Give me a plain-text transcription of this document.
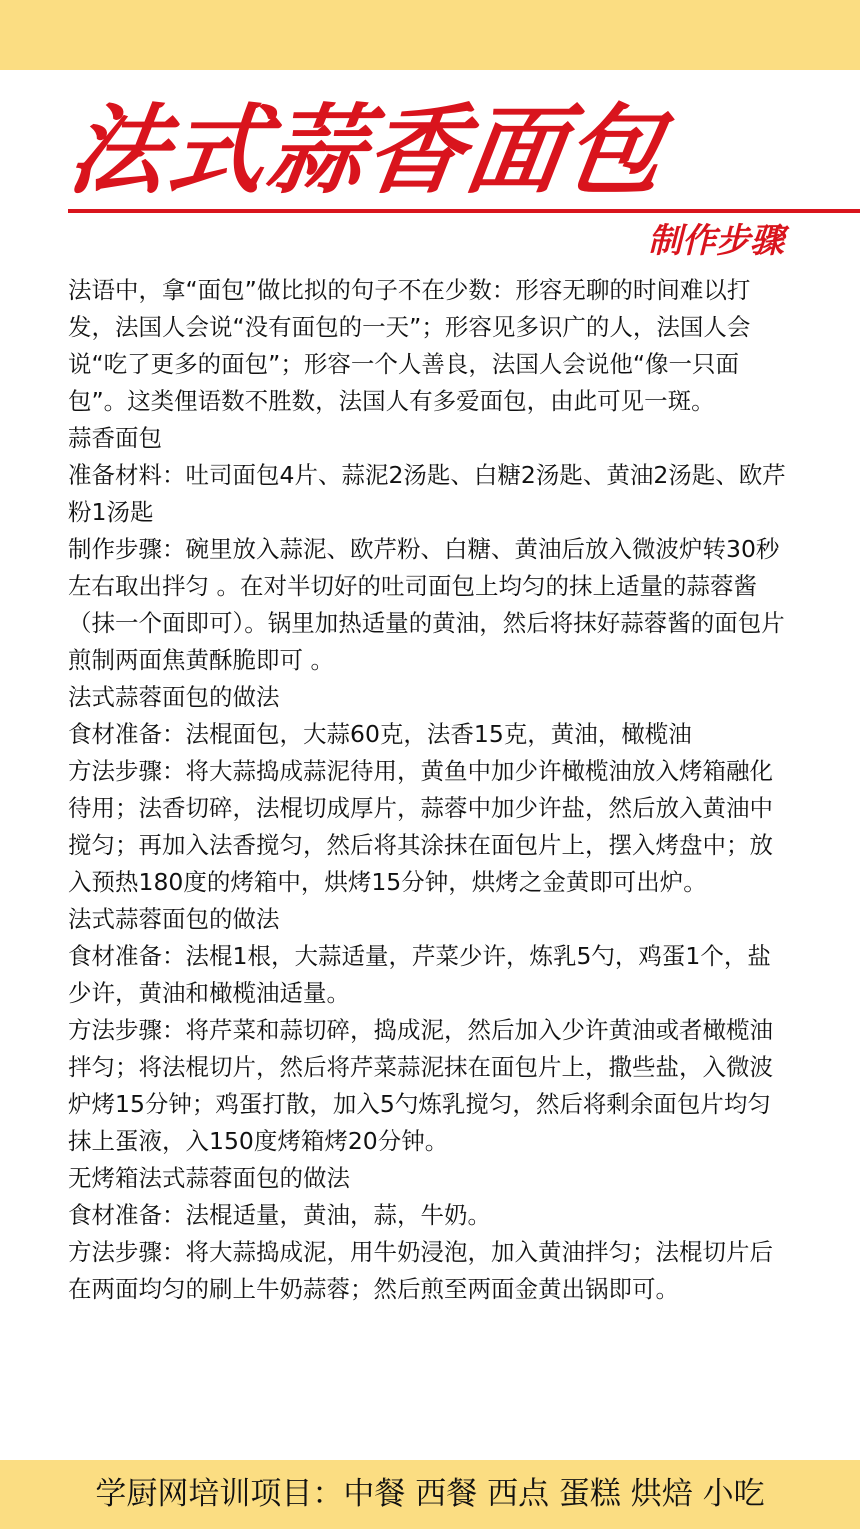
法式蒜香面包
制作步骤

法语中，拿“面包”做比拟的句子不在少数：形容无聊的时间难以打发，法国人会说“没有面包的一天”；形容见多识广的人，法国人会说“吃了更多的面包”；形容一个人善良，法国人会说他“像一只面包”。这类俚语数不胜数，法国人有多爱面包，由此可见一斑。

蒜香面包

准备材料：吐司面包4片、蒜泥2汤匙、白糖2汤匙、黄油2汤匙、欧芹粉1汤匙

制作步骤：碗里放入蒜泥、欧芹粉、白糖、黄油后放入微波炉转30秒左右取出拌匀 。在对半切好的吐司面包上均匀的抹上适量的蒜蓉酱（抹一个面即可）。锅里加热适量的黄油，然后将抹好蒜蓉酱的面包片煎制两面焦黄酥脆即可 。

法式蒜蓉面包的做法

食材准备：法棍面包，大蒜60克，法香15克，黄油，橄榄油

方法步骤：将大蒜捣成蒜泥待用，黄鱼中加少许橄榄油放入烤箱融化待用；法香切碎，法棍切成厚片，蒜蓉中加少许盐，然后放入黄油中搅匀；再加入法香搅匀，然后将其涂抹在面包片上，摆入烤盘中；放入预热180度的烤箱中，烘烤15分钟，烘烤之金黄即可出炉。

法式蒜蓉面包的做法

食材准备：法棍1根，大蒜适量，芹菜少许，炼乳5勺，鸡蛋1个，盐少许，黄油和橄榄油适量。

方法步骤：将芹菜和蒜切碎，捣成泥，然后加入少许黄油或者橄榄油拌匀；将法棍切片，然后将芹菜蒜泥抹在面包片上，撒些盐，入微波炉烤15分钟；鸡蛋打散，加入5勺炼乳搅匀，然后将剩余面包片均匀抹上蛋液，入150度烤箱烤20分钟。

无烤箱法式蒜蓉面包的做法

食材准备：法棍适量，黄油，蒜，牛奶。

方法步骤：将大蒜捣成泥，用牛奶浸泡，加入黄油拌匀；法棍切片后在两面均匀的刷上牛奶蒜蓉；然后煎至两面金黄出锅即可。

学厨网培训项目：中餐 西餐 西点 蛋糕 烘焙 小吃
